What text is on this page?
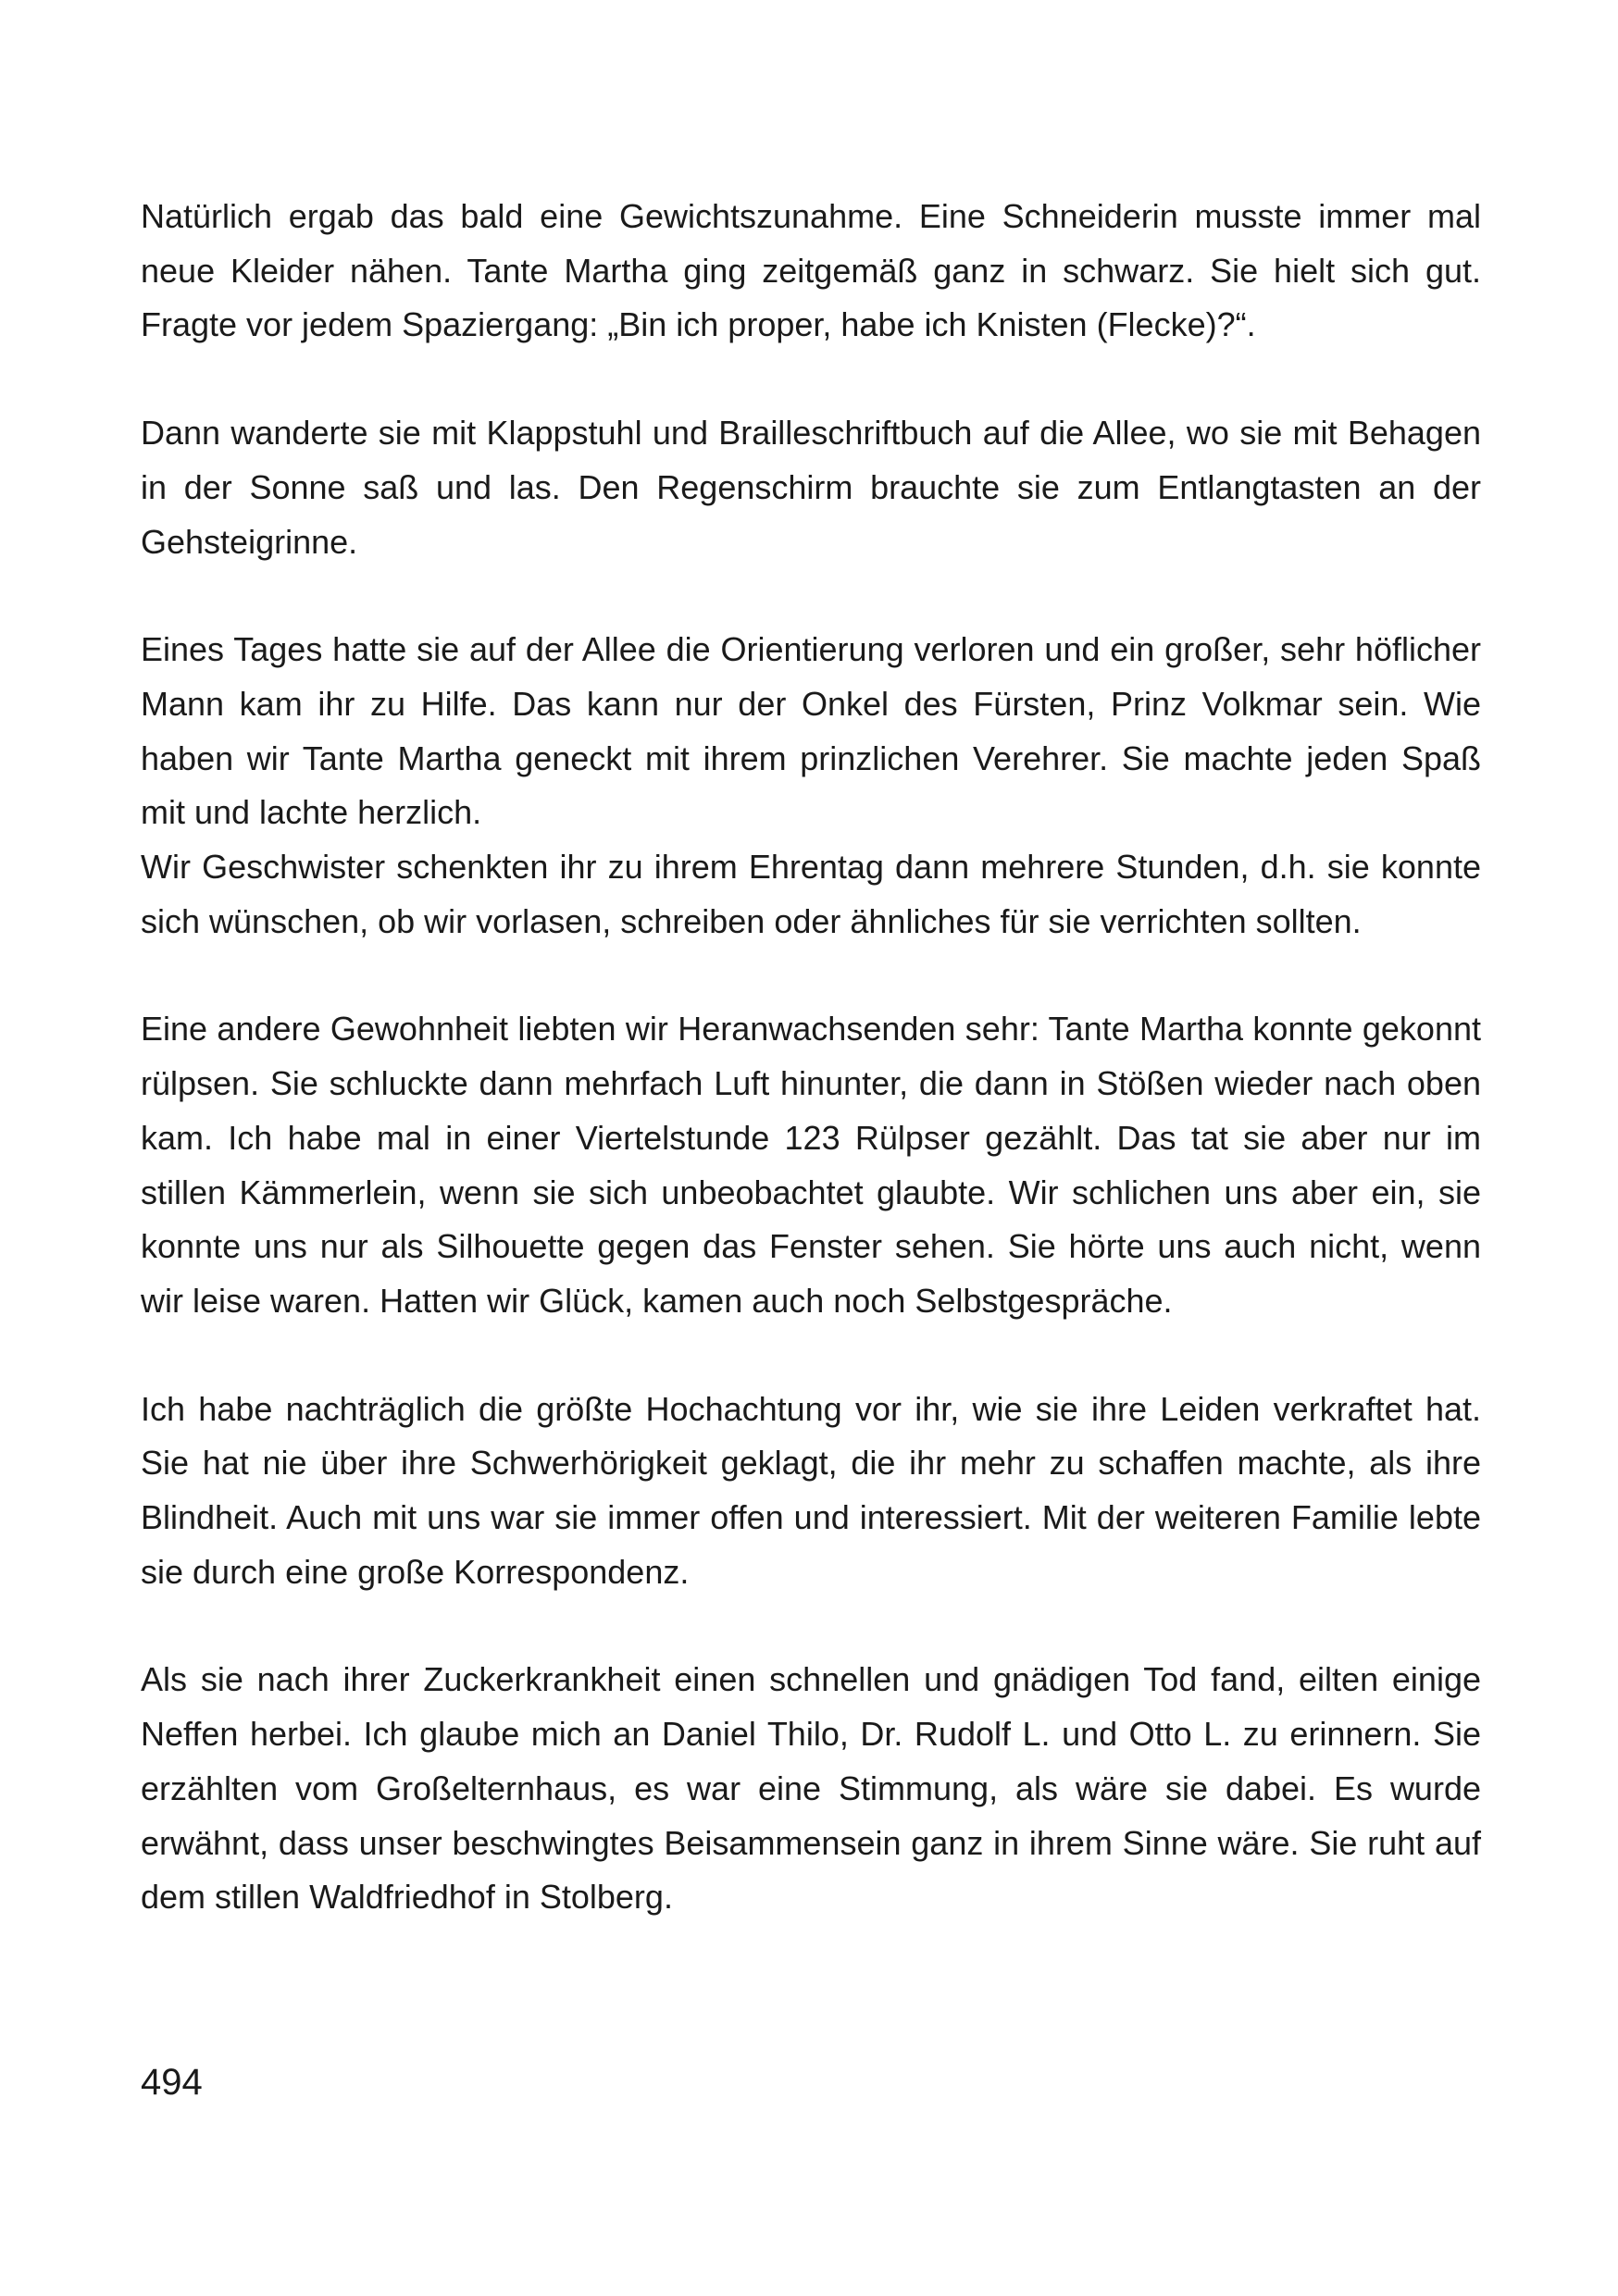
Natürlich ergab das bald eine Gewichtszunahme. Eine Schneiderin musste immer mal neue Kleider nähen. Tante Martha ging zeitgemäß ganz in schwarz. Sie hielt sich gut. Fragte vor jedem Spaziergang: „Bin ich proper, habe ich Knisten (Flecke)?“.

Dann wanderte sie mit Klappstuhl und Brailleschriftbuch auf die Allee, wo sie mit Behagen in der Sonne saß und las. Den Regenschirm brauchte sie zum Entlangtasten an der Gehsteigrinne.

Eines Tages hatte sie auf der Allee die Orientierung verloren und ein großer, sehr höflicher Mann kam ihr zu Hilfe. Das kann nur der Onkel des Fürsten, Prinz Volkmar sein. Wie haben wir Tante Martha geneckt mit ihrem prinzlichen Verehrer. Sie machte jeden Spaß mit und lachte herzlich.

Wir Geschwister schenkten ihr zu ihrem Ehrentag dann mehrere Stunden, d.h. sie konnte sich wünschen, ob wir vorlasen, schreiben oder ähnliches für sie verrichten sollten.

Eine andere Gewohnheit liebten wir Heranwachsenden sehr: Tante Martha konnte gekonnt rülpsen. Sie schluckte dann mehrfach Luft hinunter, die dann in Stößen wieder nach oben kam. Ich habe mal in einer Viertelstunde 123 Rülpser gezählt. Das tat sie aber nur im stillen Kämmerlein, wenn sie sich unbeobachtet glaubte. Wir schlichen uns aber ein, sie konnte uns nur als Silhouette gegen das Fenster sehen. Sie hörte uns auch nicht, wenn wir leise waren. Hatten wir Glück, kamen auch noch Selbstgespräche.

Ich habe nachträglich die größte Hochachtung vor ihr, wie sie ihre Leiden verkraftet hat. Sie hat nie über ihre Schwerhörigkeit geklagt, die ihr mehr zu schaffen machte, als ihre Blindheit. Auch mit uns war sie immer offen und interessiert. Mit der weiteren Familie lebte sie durch eine große Korrespondenz.

Als sie nach ihrer Zuckerkrankheit einen schnellen und gnädigen Tod fand, eilten einige Neffen herbei. Ich glaube mich an Daniel Thilo, Dr. Rudolf L. und Otto L. zu erinnern. Sie erzählten vom Großelternhaus, es war eine Stimmung, als wäre sie dabei. Es wurde erwähnt, dass unser beschwingtes Beisammensein ganz in ihrem Sinne wäre. Sie ruht auf dem stillen Waldfriedhof in Stolberg.

494
